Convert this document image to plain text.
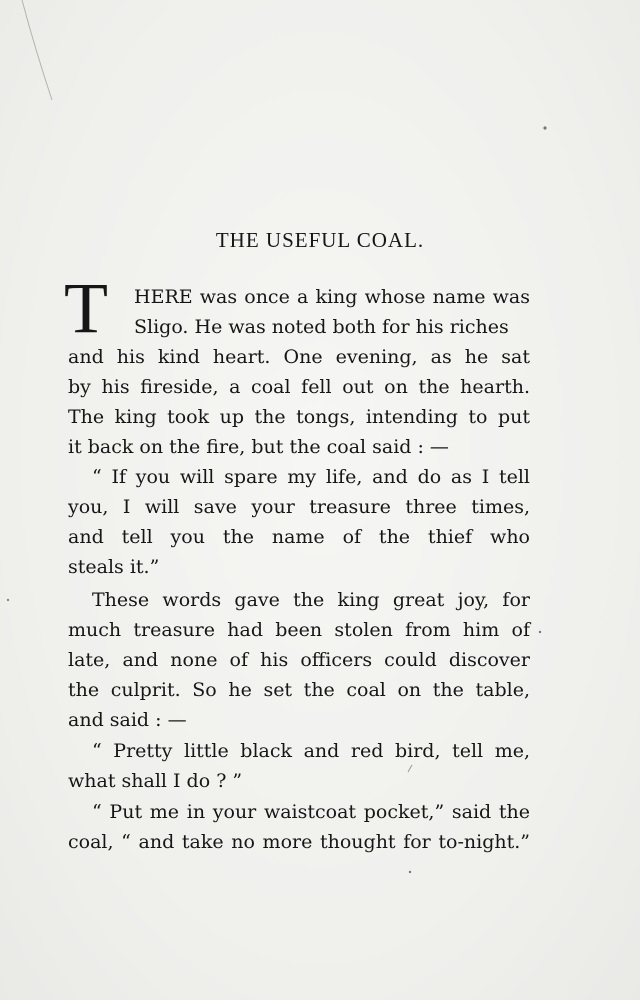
THE USEFUL COAL.
T	HERE was once a king whose name was
Sligo. He was noted both for his riches
and his kind heart. One evening, as he sat
by his fireside, a coal fell out on the hearth.
The king took up the tongs, intending to put
it back on the fire, but the coal said : —
“ If you will spare my life, and do as I tell
you, I will save your treasure three times,
and tell you the name of the thief who
steals it.”
These words gave the king great joy, for
much treasure had been stolen from him of
late, and none of his officers could discover
the culprit. So he set the coal on the table,
and said : —
“ Pretty little black and red bird, tell me,
what shall I do ? ”
“ Put me in your waistcoat pocket,” said the
coal, “ and take no more thought for to-night.”
